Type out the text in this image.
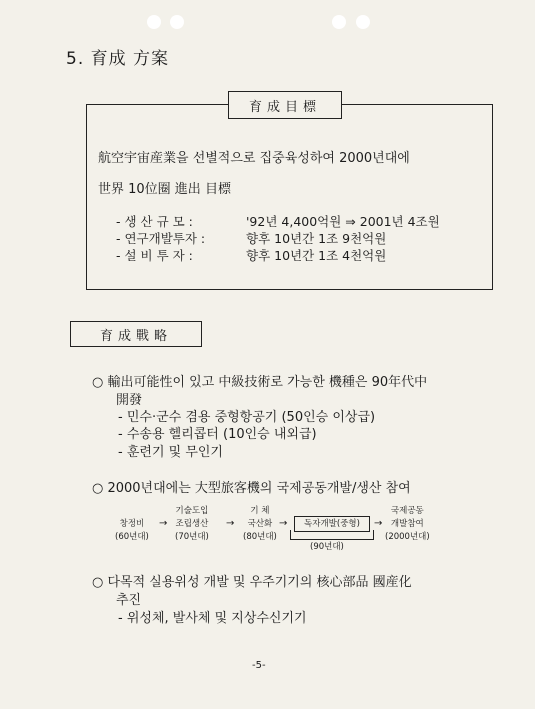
5. 育成 方案
育成目標
航空宇宙産業을 선별적으로 집중육성하여 2000년대에
世界 10位圈 進出 目標
- 생 산 규 모 :	'92년 4,400억원 ⇒ 2001년 4조원
- 연구개발투자 :	향후 10년간 1조 9천억원
- 설 비 투 자 :	향후 10년간 1조 4천억원
育成戰略
○ 輸出可能性이 있고 中級技術로 가능한 機種은 90年代中
開發
- 민수·군수 겸용 중형항공기 (50인승 이상급)
- 수송용 헬리콥터 (10인승 내외급)
- 훈련기 및 무인기
○ 2000년대에는 大型旅客機의 국제공동개발/생산 참여
창정비
(60년대)
→
기술도입
조립생산
(70년대)
→
기 체
국산화
(80년대)
→	독자개발(중형)
(90년대)
→
국제공동
개발참여
(2000년대)
○ 다목적 실용위성 개발 및 우주기기의 核心部品 國産化
추진
- 위성체, 발사체 및 지상수신기기
-5-
